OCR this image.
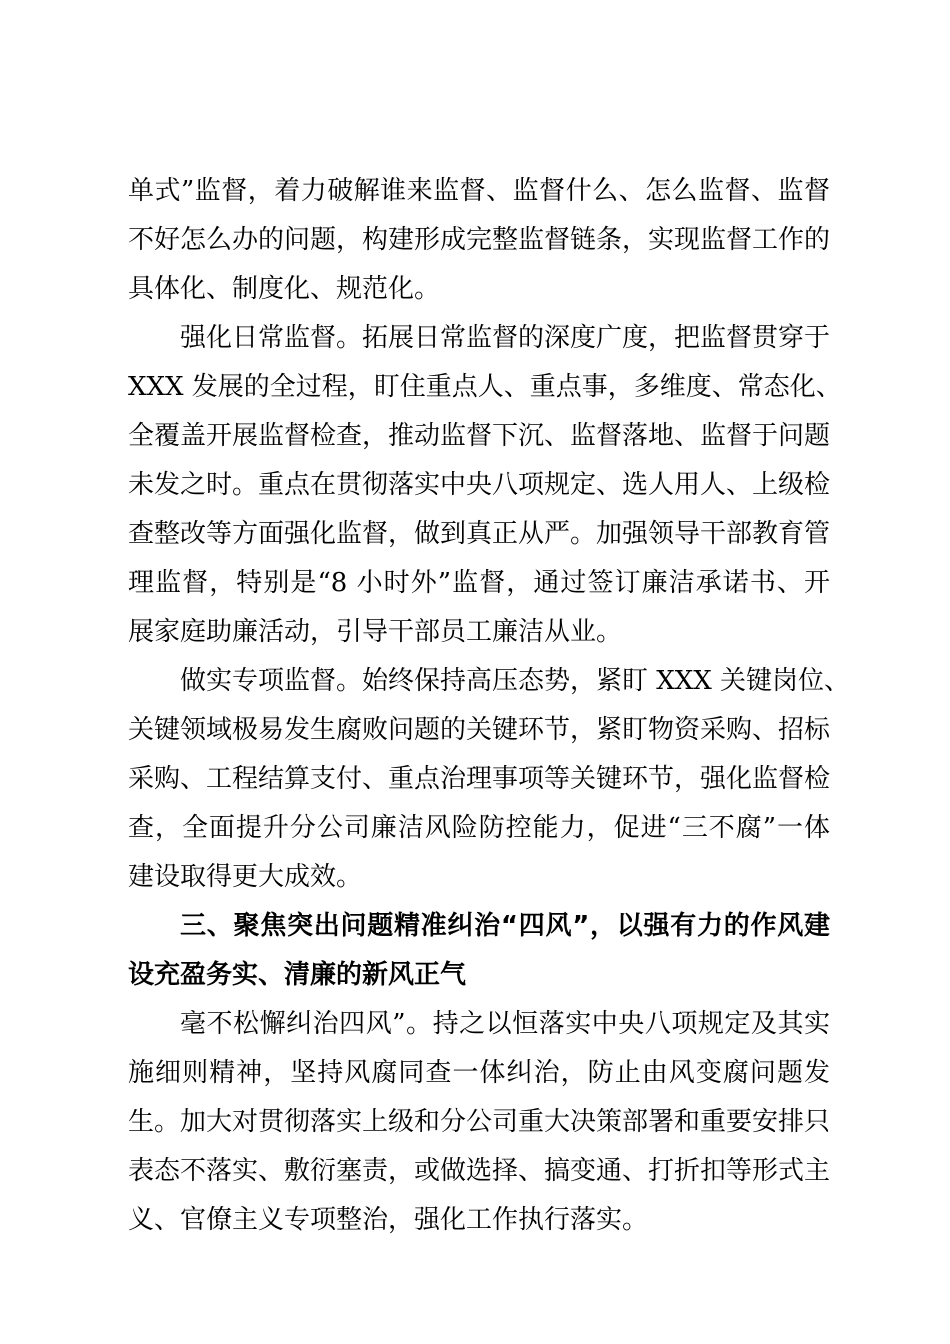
单式”监督，着力破解谁来监督、监督什么、怎么监督、监督
不好怎么办的问题，构建形成完整监督链条，实现监督工作的
具体化、制度化、规范化。
强化日常监督。拓展日常监督的深度广度，把监督贯穿于
XXX 发展的全过程，盯住重点人、重点事，多维度、常态化、
全覆盖开展监督检查，推动监督下沉、监督落地、监督于问题
未发之时。重点在贯彻落实中央八项规定、选人用人、上级检
查整改等方面强化监督，做到真正从严。加强领导干部教育管
理监督，特别是“8 小时外”监督，通过签订廉洁承诺书、开
展家庭助廉活动，引导干部员工廉洁从业。
做实专项监督。始终保持高压态势，紧盯 XXX 关键岗位、
关键领域极易发生腐败问题的关键环节，紧盯物资采购、招标
采购、工程结算支付、重点治理事项等关键环节，强化监督检
查，全面提升分公司廉洁风险防控能力，促进“三不腐”一体
建设取得更大成效。
三、聚焦突出问题精准纠治“四风”，以强有力的作风建
设充盈务实、清廉的新风正气
毫不松懈纠治四风”。持之以恒落实中央八项规定及其实
施细则精神，坚持风腐同查一体纠治，防止由风变腐问题发
生。加大对贯彻落实上级和分公司重大决策部署和重要安排只
表态不落实、敷衍塞责，或做选择、搞变通、打折扣等形式主
义、官僚主义专项整治，强化工作执行落实。
